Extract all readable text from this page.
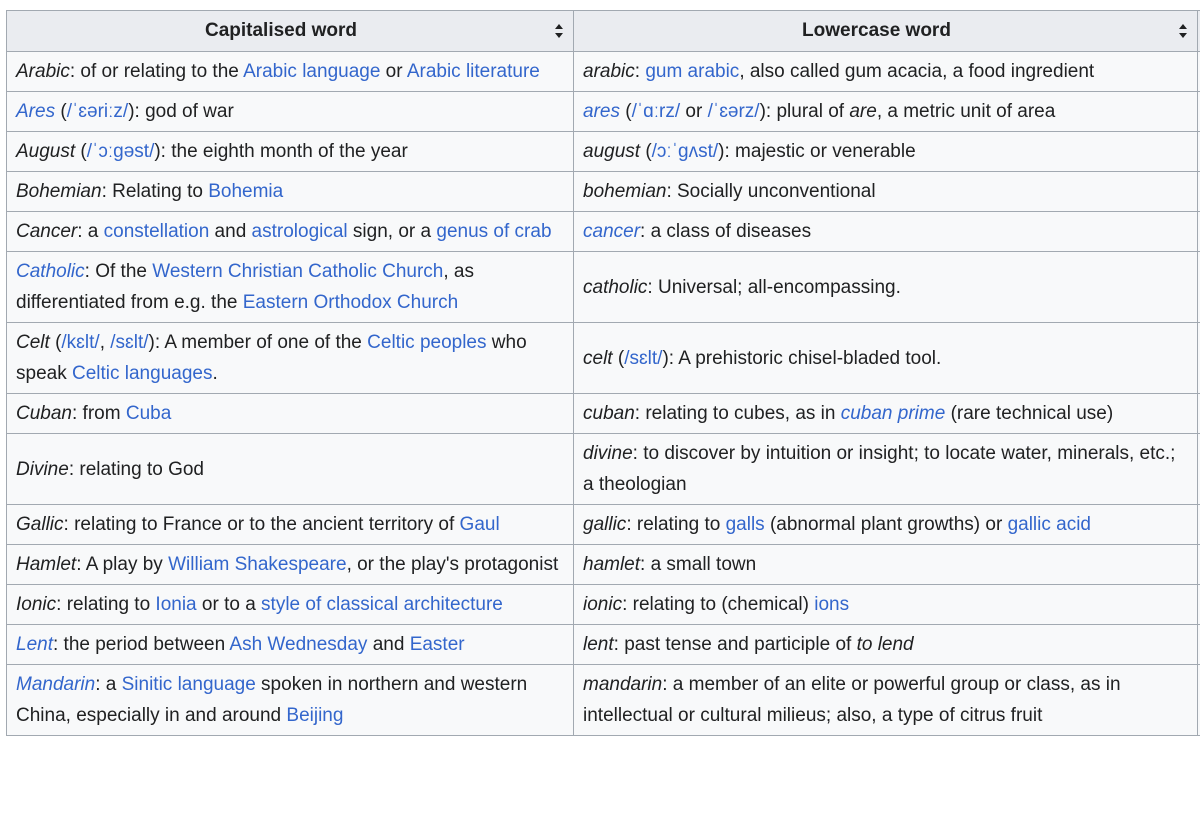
Capitalised word	Lowercase word

Arabic: of or relating to the Arabic language or Arabic literature	arabic: gum arabic, also called gum acacia, a food ingredient	
Ares (/ˈɛəriːz/): god of war	ares (/ˈɑːrz/ or /ˈɛərz/): plural of are, a metric unit of area	
August (/ˈɔːɡəst/): the eighth month of the year	august (/ɔːˈɡʌst/): majestic or venerable	
Bohemian: Relating to Bohemia	bohemian: Socially unconventional	
Cancer: a constellation and astrological sign, or a genus of crab	cancer: a class of diseases	
Catholic: Of the Western Christian Catholic Church, as differentiated from e.g. the Eastern Orthodox Church	catholic: Universal; all-encompassing.	
Celt (/kɛlt/, /sɛlt/): A member of one of the Celtic peoples who speak Celtic languages.	celt (/sɛlt/): A prehistoric chisel-bladed tool.	
Cuban: from Cuba	cuban: relating to cubes, as in cuban prime (rare technical use)	
Divine: relating to God	divine: to discover by intuition or insight; to locate water, minerals, etc.; a theologian	
Gallic: relating to France or to the ancient territory of Gaul	gallic: relating to galls (abnormal plant growths) or gallic acid	
Hamlet: A play by William Shakespeare, or the play's protagonist	hamlet: a small town	
Ionic: relating to Ionia or to a style of classical architecture	ionic: relating to (chemical) ions	
Lent: the period between Ash Wednesday and Easter	lent: past tense and participle of to lend	
Mandarin: a Sinitic language spoken in northern and western China, especially in and around Beijing	mandarin: a member of an elite or powerful group or class, as in intellectual or cultural milieus; also, a type of citrus fruit	
